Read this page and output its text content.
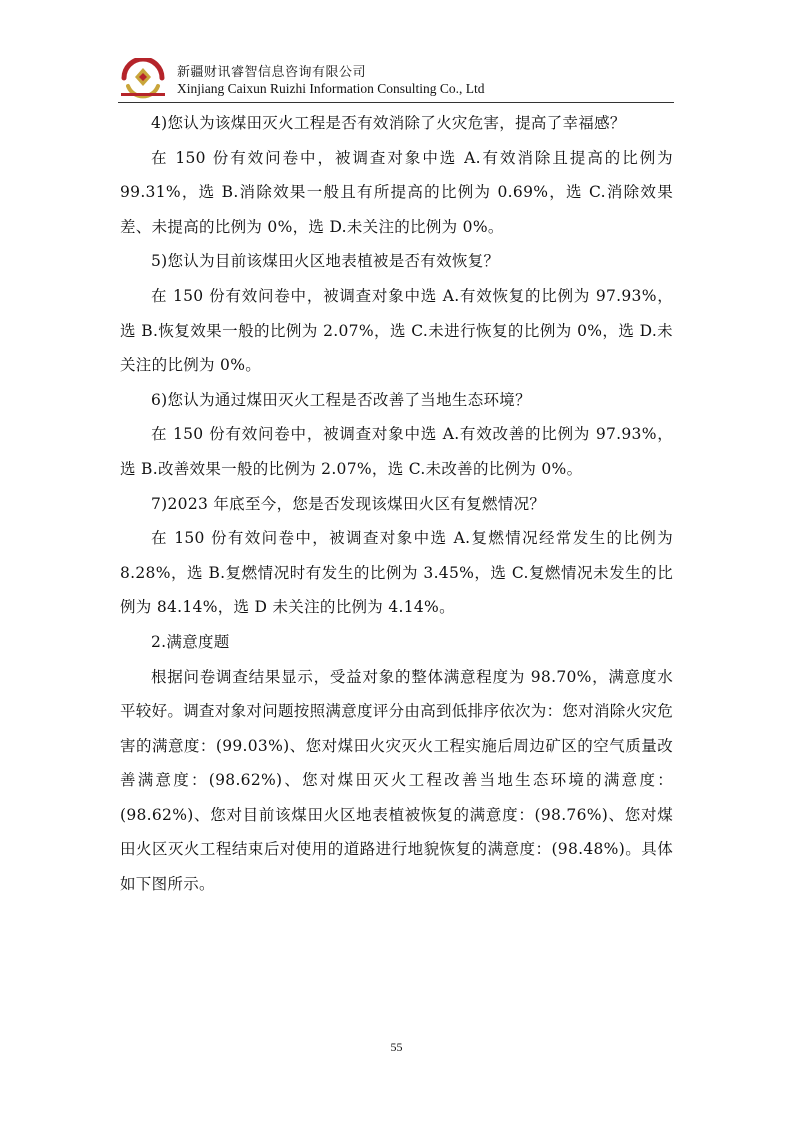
新疆财讯睿智信息咨询有限公司
Xinjiang Caixun Ruizhi Information Consulting Co., Ltd

4)您认为该煤田灭火工程是否有效消除了火灾危害，提高了幸福感？

在 150 份有效问卷中，被调查对象中选 A.有效消除且提高的比例为 99.31%，选 B.消除效果一般且有所提高的比例为 0.69%，选 C.消除效果差、未提高的比例为 0%，选 D.未关注的比例为 0%。

5)您认为目前该煤田火区地表植被是否有效恢复？

在 150 份有效问卷中，被调查对象中选 A.有效恢复的比例为 97.93%，选 B.恢复效果一般的比例为 2.07%，选 C.未进行恢复的比例为 0%，选 D.未关注的比例为 0%。

6)您认为通过煤田灭火工程是否改善了当地生态环境？

在 150 份有效问卷中，被调查对象中选 A.有效改善的比例为 97.93%，选 B.改善效果一般的比例为 2.07%，选 C.未改善的比例为 0%。

7)2023 年底至今，您是否发现该煤田火区有复燃情况？

在 150 份有效问卷中，被调查对象中选 A.复燃情况经常发生的比例为 8.28%，选 B.复燃情况时有发生的比例为 3.45%，选 C.复燃情况未发生的比例为 84.14%，选 D 未关注的比例为 4.14%。

2.满意度题

根据问卷调查结果显示，受益对象的整体满意程度为 98.70%，满意度水平较好。调查对象对问题按照满意度评分由高到低排序依次为：您对消除火灾危害的满意度：(99.03%)、您对煤田火灾灭火工程实施后周边矿区的空气质量改善满意度：(98.62%)、您对煤田灭火工程改善当地生态环境的满意度：(98.62%)、您对目前该煤田火区地表植被恢复的满意度：(98.76%)、您对煤田火区灭火工程结束后对使用的道路进行地貌恢复的满意度：(98.48%)。具体如下图所示。

55
